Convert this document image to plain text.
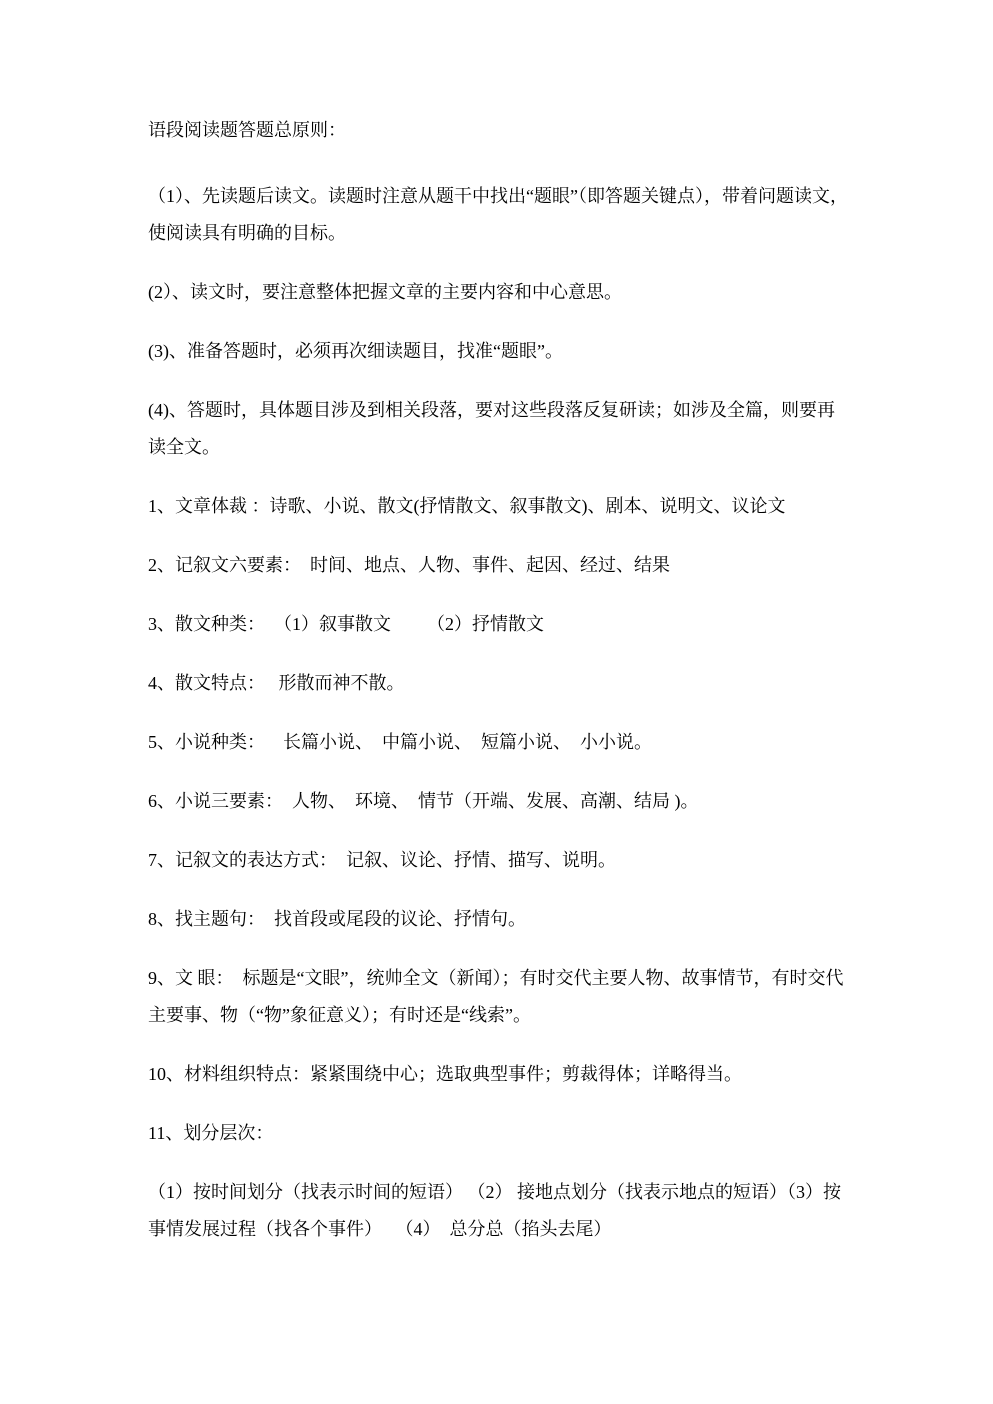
语段阅读题答题总原则：

（1）、先读题后读文。读题时注意从题干中找出“题眼”（即答题关键点），带着问题读文，使阅读具有明确的目标。

(2）、读文时，要注意整体把握文章的主要内容和中心意思。

(3)、准备答题时，必须再次细读题目，找准“题眼”。

(4)、答题时，具体题目涉及到相关段落，要对这些段落反复研读；如涉及全篇，则要再读全文。

1、文章体裁 ：诗歌、小说、散文(抒情散文、叙事散文)、剧本、说明文、议论文

2、记叙文六要素：  时间、地点、人物、事件、起因、经过、结果

3、散文种类：  （1）叙事散文        （2）抒情散文

4、散文特点：   形散而神不散。

5、小说种类：    长篇小说、  中篇小说、  短篇小说、  小小说。

6、小说三要素：  人物、  环境、  情节（开端、发展、高潮、结局 )。

7、记叙文的表达方式：  记叙、议论、抒情、描写、说明。

8、找主题句：  找首段或尾段的议论、抒情句。

9、文 眼：  标题是“文眼”，统帅全文（新闻）；有时交代主要人物、故事情节，有时交代主要事、物（“物”象征意义）；有时还是“线索”。

10、材料组织特点：紧紧围绕中心；选取典型事件；剪裁得体；详略得当。

11、划分层次：

（1）按时间划分（找表示时间的短语） （2） 接地点划分（找表示地点的短语）（3）按事情发展过程（找各个事件）   （4）  总分总（掐头去尾）
